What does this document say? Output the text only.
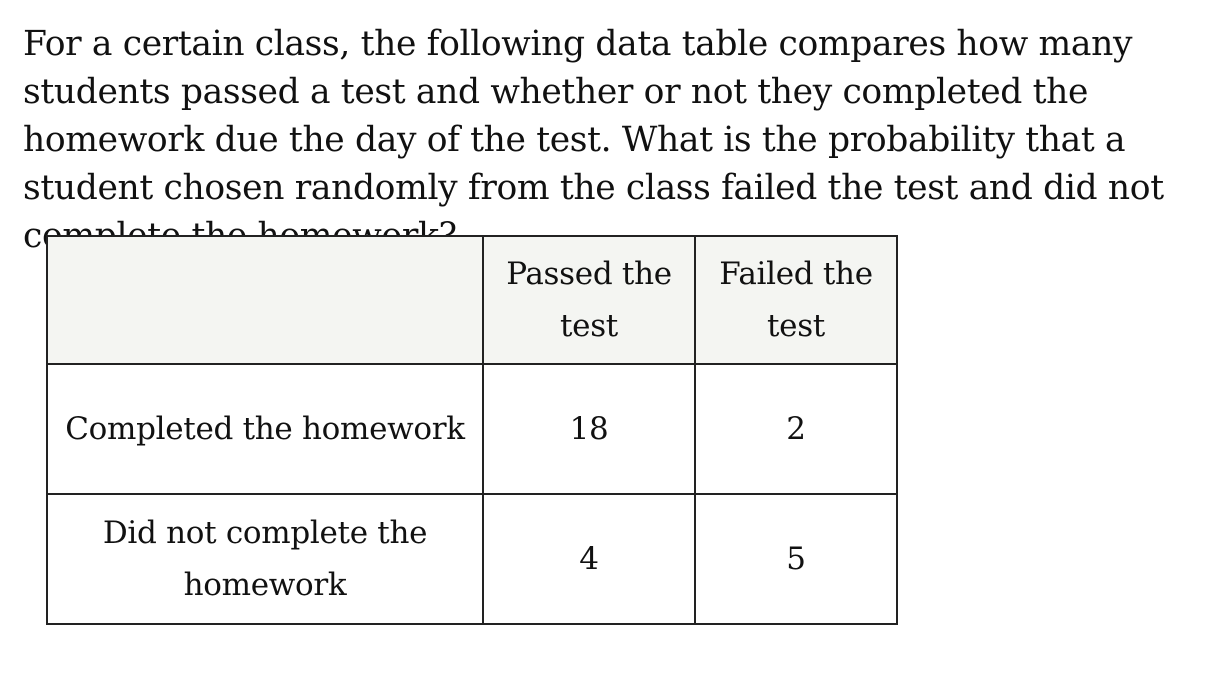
For a certain class, the following data table compares how many students passed a test and whether or not they completed the homework due the day of the test. What is the probability that a student chosen randomly from the class failed the test and did not complete the homework?

	Passed the test	Failed the test
Completed the homework	18	2
Did not complete the homework	4	5
